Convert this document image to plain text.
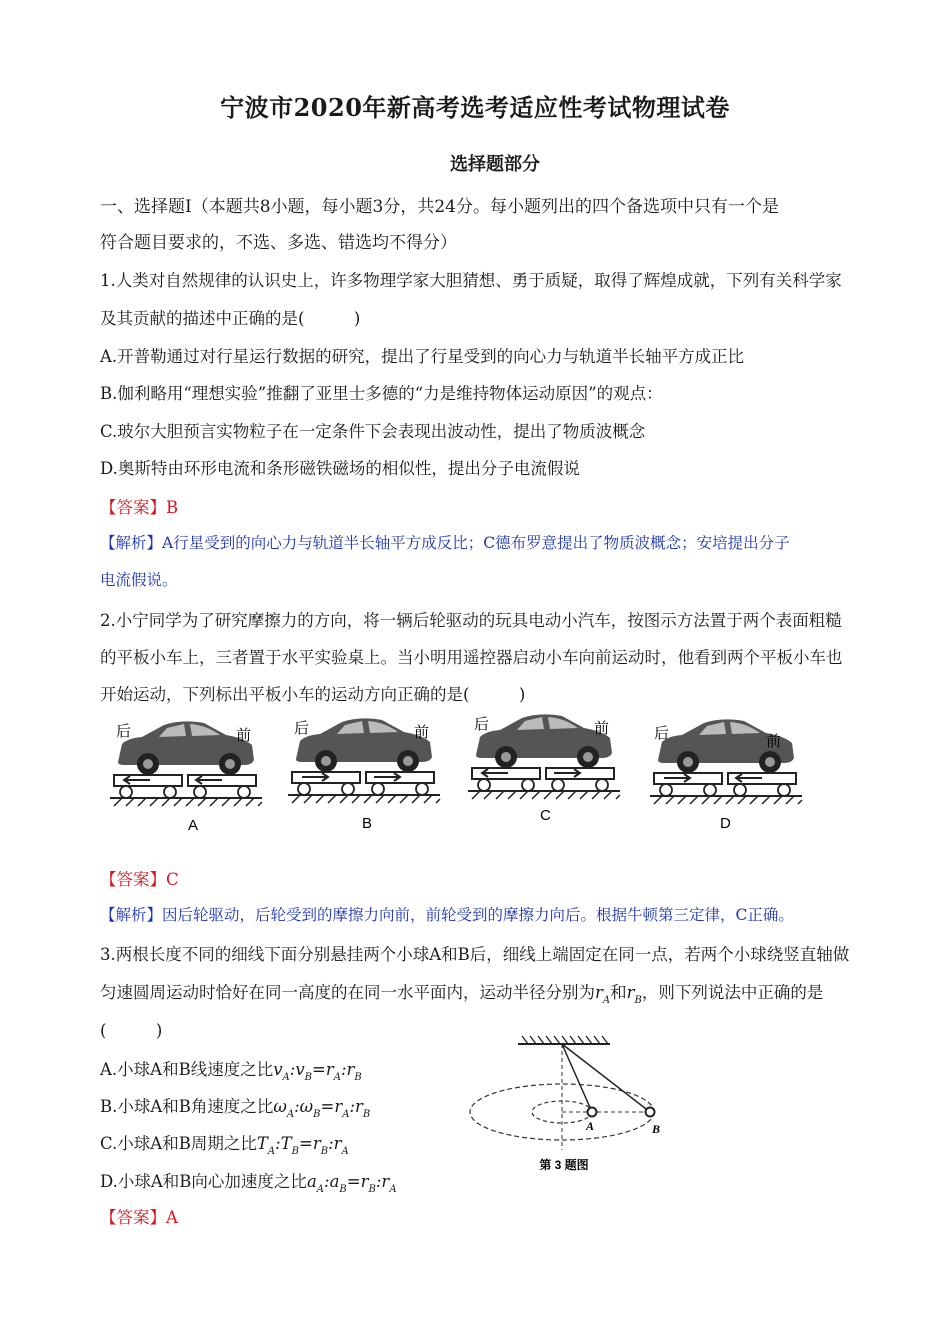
宁波市2020年新高考选考适应性考试物理试卷
选择题部分
一、选择题Ⅰ（本题共8小题，每小题3分，共24分。每小题列出的四个备选项中只有一个是
符合题目要求的，不选、多选、错选均不得分）
1.人类对自然规律的认识史上，许多物理学家大胆猜想、勇于质疑，取得了辉煌成就，下列有关科学家
及其贡献的描述中正确的是(　　　)
A.开普勒通过对行星运行数据的研究，提出了行星受到的向心力与轨道半长轴平方成正比
B.伽利略用“理想实验”推翻了亚里士多德的“力是维持物体运动原因”的观点：
C.玻尔大胆预言实物粒子在一定条件下会表现出波动性，提出了物质波概念
D.奥斯特由环形电流和条形磁铁磁场的相似性，提出分子电流假说
【答案】B
【解析】A行星受到的向心力与轨道半长轴平方成反比；C德布罗意提出了物质波概念；安培提出分子
电流假说。
2.小宁同学为了研究摩擦力的方向，将一辆后轮驱动的玩具电动小汽车，按图示方法置于两个表面粗糙
的平板小车上，三者置于水平实验桌上。当小明用遥控器启动小车向前运动时，他看到两个平板小车也
开始运动，下列标出平板小车的运动方向正确的是(　　　)
后	前
A
后	前
B
后	前
C
后	前
D
【答案】C
【解析】因后轮驱动，后轮受到的摩擦力向前，前轮受到的摩擦力向后。根据牛顿第三定律，C正确。
3.两根长度不同的细线下面分别悬挂两个小球A和B后，细线上端固定在同一点，若两个小球绕竖直轴做
匀速圆周运动时恰好在同一高度的在同一水平面内，运动半径分别为$r_A$和$r_B$，则下列说法中正确的是
(　　　)
A.小球A和B线速度之比$v_A:v_B=r_A:r_B$
B.小球A和B角速度之比$\omega_A:\omega_B=r_A:r_B$
C.小球A和B周期之比$T_A:T_B=r_B:r_A$
D.小球A和B向心加速度之比$a_A:a_B=r_B:r_A$
A	B
第 3 题图
【答案】A
